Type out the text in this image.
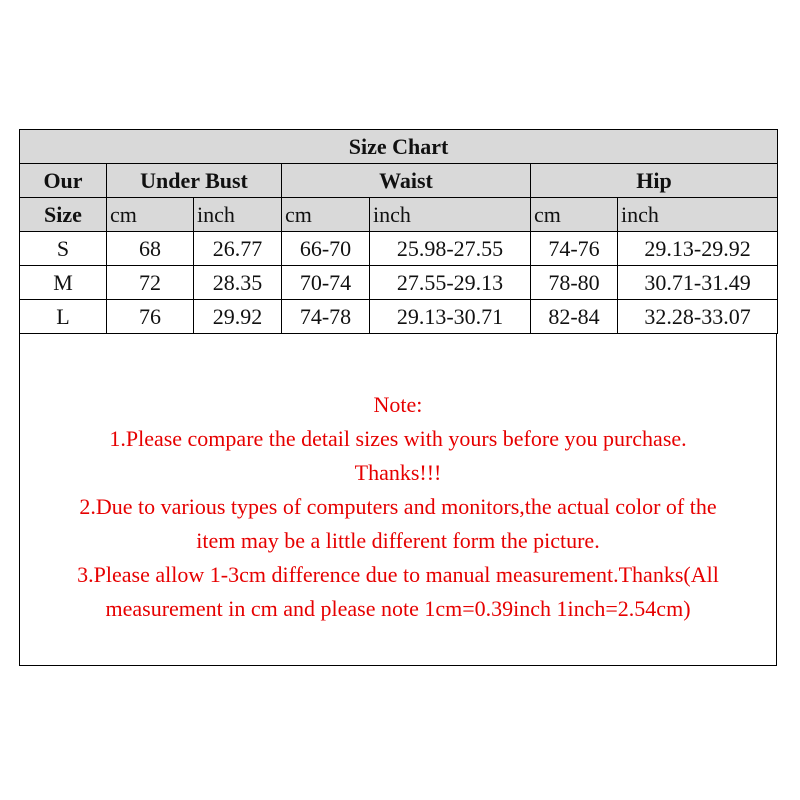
Size Chart						
Our	Under Bust		Waist		Hip	
Size	cm	inch	cm	inch	cm	inch
S	68	26.77	66-70	25.98-27.55	74-76	29.13-29.92
M	72	28.35	70-74	27.55-29.13	78-80	30.71-31.49
L	76	29.92	74-78	29.13-30.71	82-84	32.28-33.07
Note:
1.Please compare the detail sizes with yours before you purchase.
Thanks!!!
2.Due to various types of computers and monitors,the actual color of the
item may be a little different form the picture.
3.Please allow 1-3cm difference due to manual measurement.Thanks(All
measurement in cm and please note 1cm=0.39inch 1inch=2.54cm)
